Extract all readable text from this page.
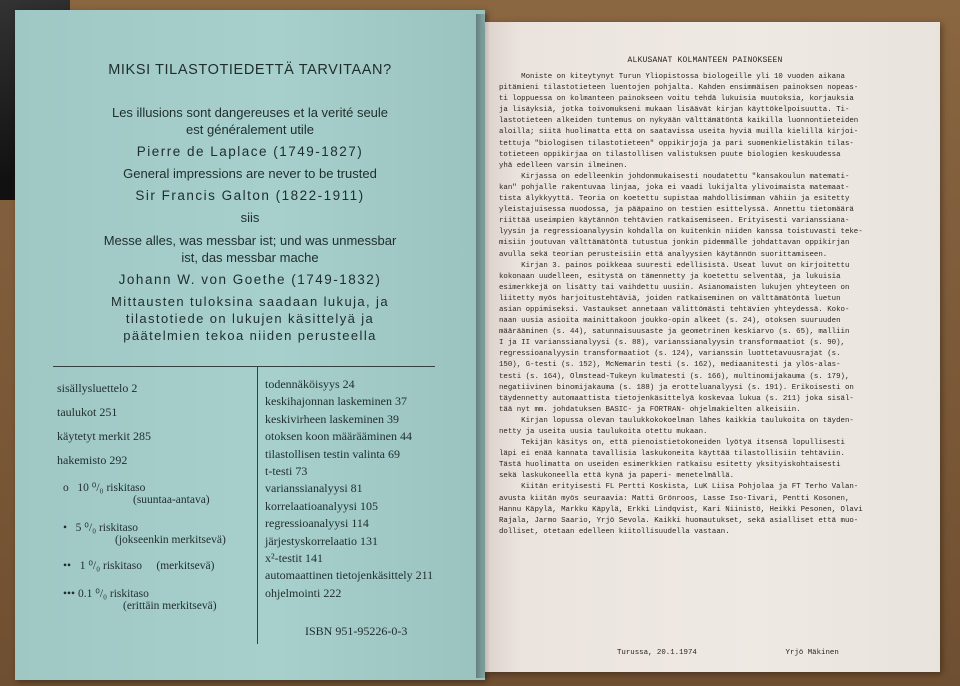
MIKSI TILASTOTIEDETTÄ TARVITAAN?
Les illusions sont dangereuses et la verité seule
est généralement utile
Pierre de Laplace (1749-1827)
General impressions are never to be trusted
Sir Francis Galton (1822-1911)
siis
Messe alles, was messbar ist; und was unmessbar
ist, das messbar mache
Johann W. von Goethe (1749-1832)
Mittausten tuloksina saadaan lukuja, ja
tilastotiede on lukujen käsittelyä ja
päätelmien tekoa niiden perusteella
sisällysluettelo 2
taulukot 251
käytetyt merkit 285
hakemisto 292
o 10 ⁰/₀ riskitaso
(suuntaa-antava)
• 5 ⁰/₀ riskitaso
(jokseenkin merkitsevä)
•• 1 ⁰/₀ riskitaso (merkitsevä)
••• 0.1 ⁰/₀ riskitaso
(erittäin merkitsevä)
todennäköisyys 24
keskihajonnan laskeminen 37
keskivirheen laskeminen 39
otoksen koon määrääminen 44
tilastollisen testin valinta 69
t-testi 73
varianssianalyysi 81
korrelaatioanalyysi 105
regressioanalyysi 114
järjestyskorrelaatio 131
x²-testit 141
automaattinen tietojenkäsittely 211
ohjelmointi 222
ISBN 951-95226-0-3
ALKUSANAT KOLMANTEEN PAINOKSEEN
Moniste on kiteytynyt Turun Yliopistossa biologeille yli 10 vuoden aikana
pitämieni tilastotieteen luentojen pohjalta. Kahden ensimmäisen painoksen nopeas-
ti loppuessa on kolmanteen painokseen voitu tehdä lukuisia muutoksia, korjauksia
ja lisäyksiä, jotka toivomukseni mukaan lisäävät kirjan käyttökelpoisuutta. Ti-
lastotieteen alkeiden tuntemus on nykyään välttämätöntä kaikilla luonnontieteiden
aloilla; siitä huolimatta että on saatavissa useita hyviä muilla kielillä kirjoi-
tettuja "biologisen tilastotieteen" oppikirjoja ja pari suomenkielistäkin tilas-
totieteen oppikirjaa on tilastollisen valistuksen puute biologien keskuudessa
yhä edelleen varsin ilmeinen.
Kirjassa on edelleenkin johdonmukaisesti noudatettu "kansakoulun matemati-
kan" pohjalle rakentuvaa linjaa, joka ei vaadi lukijalta ylivoimaista matemaat-
tista älykkyyttä. Teoria on koetettu supistaa mahdollisimman vähiin ja esitetty
yleistajuisessa muodossa, ja pääpaino on testien esittelyssä. Annettu tietomäärä
riittää useimpien käytännön tehtävien ratkaisemiseen. Erityisesti varianssiana-
lyysin ja regressioanalyysin kohdalla on kuitenkin niiden kanssa toistuvasti teke-
misiin joutuvan välttämätöntä tutustua jonkin pidemmälle johdattavan oppikirjan
avulla sekä teorian perusteisiin että analyysien käytännön suorittamiseen.
Kirjan 3. painos poikkeaa suuresti edellisistä. Useat luvut on kirjoitettu
kokonaan uudelleen, esitystä on tämennetty ja koetettu selventää, ja lukuisia
esimerkkejä on lisätty tai vaihdettu uusiin. Asianomaisten lukujen yhteyteen on
liitetty myös harjoitustehtäviä, joiden ratkaiseminen on välttämätöntä luetun
asian oppimiseksi. Vastaukset annetaan välittömästi tehtävien yhteydessä. Koko-
naan uusia asioita mainittakoon joukko-opin alkeet (s. 24), otoksen suuruuden
määrääminen (s. 44), satunnaisuusaste ja geometrinen keskiarvo (s. 65), malliin
I ja II varianssianalyysi (s. 88), varianssianalyysin transformaatiot (s. 90),
regressioanalyysin transformaatiot (s. 124), varianssin luottetavuusrajat (s.
150), G-testi (s. 152), McNemarin testi (s. 162), mediaanitesti ja ylös-alas-
testi (s. 164), Olmstead-Tukeyn kulmatesti (s. 166), multinomijakauma (s. 179),
negatiivinen binomijakauma (s. 188) ja erotteluanalyysi (s. 191). Erikoisesti on
täydennetty automaattista tietojenkäsittelyä koskevaa lukua (s. 211) joka sisäl-
tää nyt mm. johdatuksen BASIC- ja FORTRAN- ohjelmakielten alkeisiin.
Kirjan lopussa olevan taulukkokokoelman lähes kaikkia taulukoita on täyden-
netty ja useita uusia taulukoita otettu mukaan.
Tekijän käsitys on, että pienoistietokoneiden lyötyä itsensä lopullisesti
läpi ei enää kannata tavallisia laskukoneita käyttää tilastollisiin tehtäviin.
Tästä huolimatta on useiden esimerkkien ratkaisu esitetty yksityiskohtaisesti
sekä laskukoneella että kynä ja paperi- menetelmällä.
Kiitän erityisesti FL Pertti Koskista, LuK Liisa Pohjolaa ja FT Terho Valan-
avusta kiitän myös seuraavia: Matti Grönroos, Lasse Iso-Iivari, Pentti Kosonen,
Hannu Käpylä, Markku Käpylä, Erkki Lindqvist, Kari Niinistö, Heikki Pesonen, Olavi
Rajala, Jarmo Saario, Yrjö Sevola. Kaikki huomautukset, sekä asialliset että muo-
dolliset, otetaan edelleen kiitollisuudella vastaan.
Turussa, 20.1.1974	Yrjö Mäkinen
